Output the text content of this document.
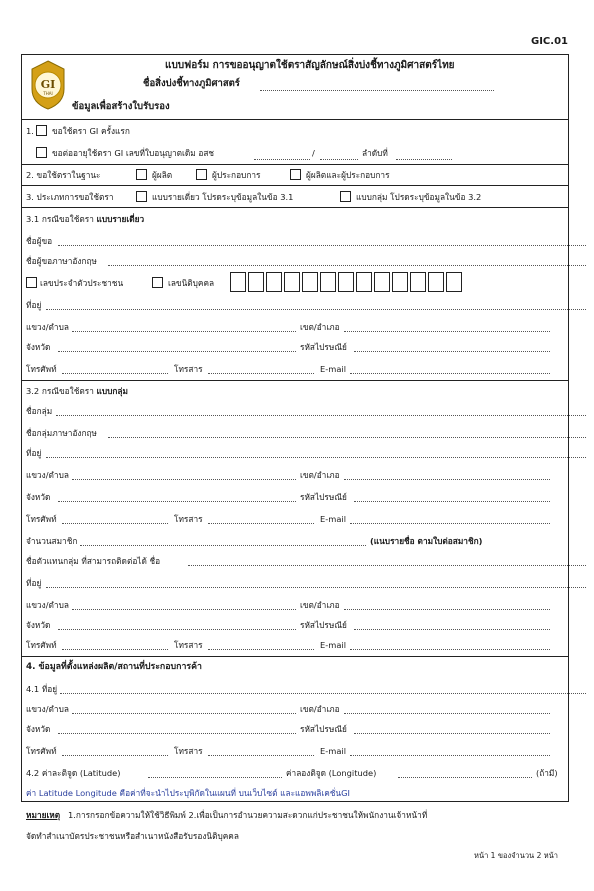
GIC.01
GI
THAI
แบบฟอร์ม การขออนุญาตใช้ตราสัญลักษณ์สิ่งบ่งชี้ทางภูมิศาสตร์ไทย
ชื่อสิ่งบ่งชี้ทางภูมิศาสตร์
ข้อมูลเพื่อสร้างใบรับรอง
1. ขอใช้ตรา GI ครั้งแรก
ขอต่ออายุใช้ตรา GI เลขที่ใบอนุญาตเดิม อสช	/	ลำดับที่
2. ขอใช้ตราในฐานะ	ผู้ผลิต	ผู้ประกอบการ	ผู้ผลิตและผู้ประกอบการ
3. ประเภทการขอใช้ตรา	แบบรายเดี่ยว โปรดระบุข้อมูลในข้อ 3.1	แบบกลุ่ม โปรดระบุข้อมูลในข้อ 3.2
3.1 กรณีขอใช้ตรา แบบรายเดี่ยว
ชื่อผู้ขอ
ชื่อผู้ขอภาษาอังกฤษ
เลขประจำตัวประชาชน	เลขนิติบุคคล
ที่อยู่
แขวง/ตำบล	เขต/อำเภอ
จังหวัด	รหัสไปรษณีย์
โทรศัพท์	โทรสาร	E-mail
3.2 กรณีขอใช้ตรา แบบกลุ่ม
ชื่อกลุ่ม
ชื่อกลุ่มภาษาอังกฤษ
ที่อยู่
แขวง/ตำบล	เขต/อำเภอ
จังหวัด	รหัสไปรษณีย์
โทรศัพท์	โทรสาร	E-mail
จำนวนสมาชิก	(แนบรายชื่อ ตามใบต่อสมาชิก)
ชื่อตัวแทนกลุ่ม ที่สามารถติดต่อได้ ชื่อ
ที่อยู่
แขวง/ตำบล	เขต/อำเภอ
จังหวัด	รหัสไปรษณีย์
โทรศัพท์	โทรสาร	E-mail
4. ข้อมูลที่ตั้งแหล่งผลิต/สถานที่ประกอบการค้า
4.1 ที่อยู่
แขวง/ตำบล	เขต/อำเภอ
จังหวัด	รหัสไปรษณีย์
โทรศัพท์	โทรสาร	E-mail
4.2 ค่าละติจูด (Latitude)	ค่าลองติจูด (Longitude)	(ถ้ามี)
ค่า Latitude Longitude คือค่าที่จะนำไประบุพิกัดในแผนที่ บนเว็บไซต์ และแอพพลิเคชั่นGI
หมายเหตุ 1.การกรอกข้อความให้ใช้วิธีพิมพ์ 2.เพื่อเป็นการอำนวยความสะดวกแก่ประชาชนให้พนักงานเจ้าหน้าที่
จัดทำสำเนาบัตรประชาชนหรือสำเนาหนังสือรับรองนิติบุคคล
หน้า 1 ของจำนวน 2 หน้า
